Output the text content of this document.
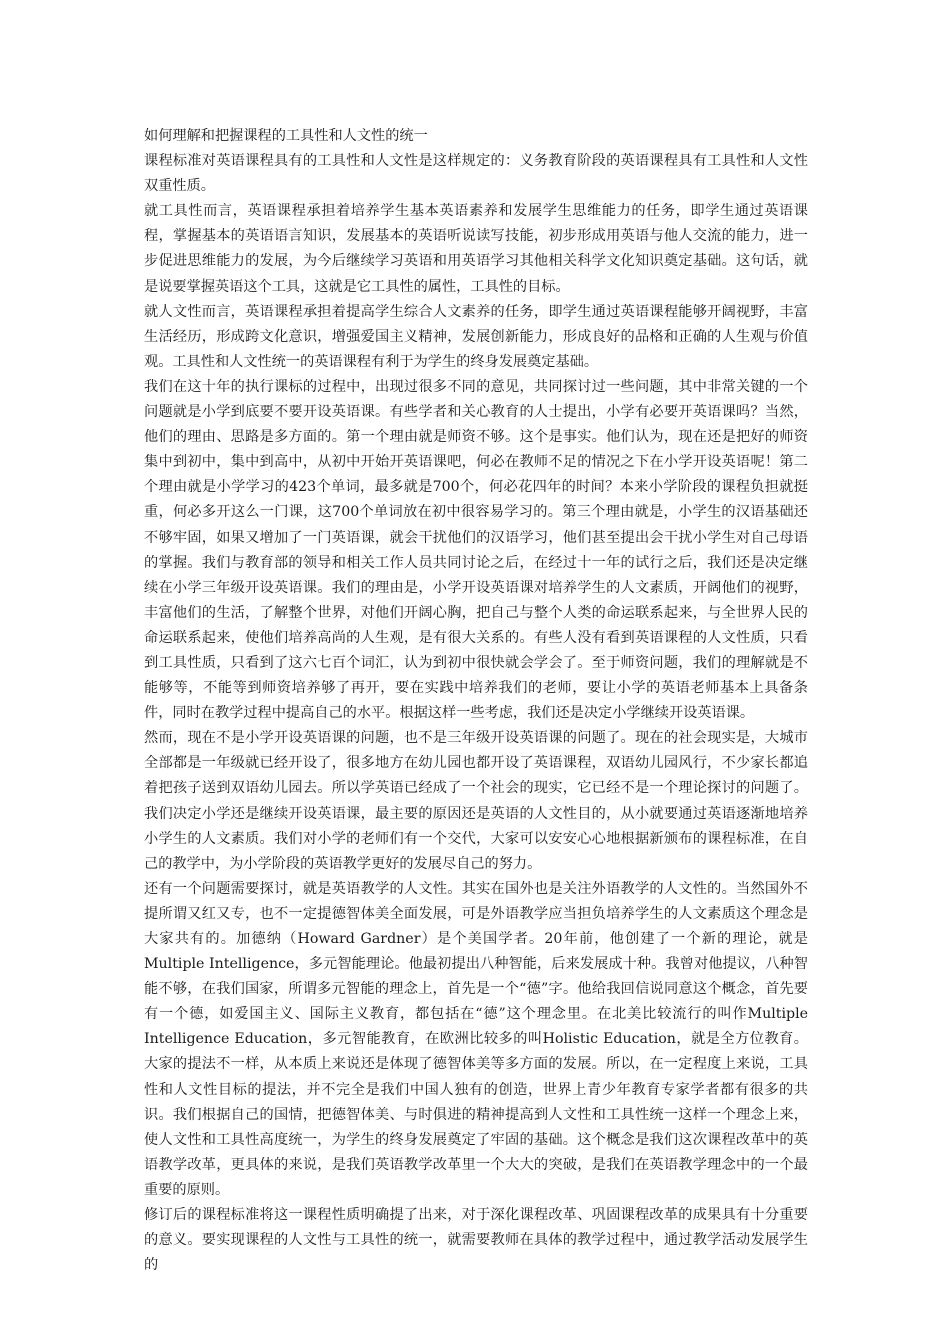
如何理解和把握课程的工具性和人文性的统一

课程标准对英语课程具有的工具性和人文性是这样规定的：义务教育阶段的英语课程具有工具性和人文性双重性质。

就工具性而言，英语课程承担着培养学生基本英语素养和发展学生思维能力的任务，即学生通过英语课程，掌握基本的英语语言知识，发展基本的英语听说读写技能，初步形成用英语与他人交流的能力，进一步促进思维能力的发展，为今后继续学习英语和用英语学习其他相关科学文化知识奠定基础。这句话，就是说要掌握英语这个工具，这就是它工具性的属性，工具性的目标。

就人文性而言，英语课程承担着提高学生综合人文素养的任务，即学生通过英语课程能够开阔视野，丰富生活经历，形成跨文化意识，增强爱国主义精神，发展创新能力，形成良好的品格和正确的人生观与价值观。工具性和人文性统一的英语课程有利于为学生的终身发展奠定基础。

我们在这十年的执行课标的过程中，出现过很多不同的意见，共同探讨过一些问题，其中非常关键的一个问题就是小学到底要不要开设英语课。有些学者和关心教育的人士提出，小学有必要开英语课吗？当然，他们的理由、思路是多方面的。第一个理由就是师资不够。这个是事实。他们认为，现在还是把好的师资集中到初中，集中到高中，从初中开始开英语课吧，何必在教师不足的情况之下在小学开设英语呢！第二个理由就是小学学习的423个单词，最多就是700个，何必花四年的时间？本来小学阶段的课程负担就挺重，何必多开这么一门课，这700个单词放在初中很容易学习的。第三个理由就是，小学生的汉语基础还不够牢固，如果又增加了一门英语课，就会干扰他们的汉语学习，他们甚至提出会干扰小学生对自己母语的掌握。我们与教育部的领导和相关工作人员共同讨论之后，在经过十一年的试行之后，我们还是决定继续在小学三年级开设英语课。我们的理由是，小学开设英语课对培养学生的人文素质，开阔他们的视野，丰富他们的生活，了解整个世界，对他们开阔心胸，把自己与整个人类的命运联系起来，与全世界人民的命运联系起来，使他们培养高尚的人生观，是有很大关系的。有些人没有看到英语课程的人文性质，只看到工具性质，只看到了这六七百个词汇，认为到初中很快就会学会了。至于师资问题，我们的理解就是不能够等，不能等到师资培养够了再开，要在实践中培养我们的老师，要让小学的英语老师基本上具备条件，同时在教学过程中提高自己的水平。根据这样一些考虑，我们还是决定小学继续开设英语课。

然而，现在不是小学开设英语课的问题，也不是三年级开设英语课的问题了。现在的社会现实是，大城市全部都是一年级就已经开设了，很多地方在幼儿园也都开设了英语课程，双语幼儿园风行，不少家长都追着把孩子送到双语幼儿园去。所以学英语已经成了一个社会的现实，它已经不是一个理论探讨的问题了。我们决定小学还是继续开设英语课，最主要的原因还是英语的人文性目的，从小就要通过英语逐渐地培养小学生的人文素质。我们对小学的老师们有一个交代，大家可以安安心心地根据新颁布的课程标准，在自己的教学中，为小学阶段的英语教学更好的发展尽自己的努力。

还有一个问题需要探讨，就是英语教学的人文性。其实在国外也是关注外语教学的人文性的。当然国外不提所谓又红又专，也不一定提德智体美全面发展，可是外语教学应当担负培养学生的人文素质这个理念是大家共有的。加德纳（Howard Gardner）是个美国学者。20年前，他创建了一个新的理论，就是Multiple Intelligence，多元智能理论。他最初提出八种智能，后来发展成十种。我曾对他提议，八种智能不够，在我们国家，所谓多元智能的理念上，首先是一个“德”字。他给我回信说同意这个概念，首先要有一个德，如爱国主义、国际主义教育，都包括在“德”这个理念里。在北美比较流行的叫作Multiple Intelligence Education，多元智能教育，在欧洲比较多的叫Holistic Education，就是全方位教育。大家的提法不一样，从本质上来说还是体现了德智体美等多方面的发展。所以，在一定程度上来说，工具性和人文性目标的提法，并不完全是我们中国人独有的创造，世界上青少年教育专家学者都有很多的共识。我们根据自己的国情，把德智体美、与时俱进的精神提高到人文性和工具性统一这样一个理念上来，使人文性和工具性高度统一，为学生的终身发展奠定了牢固的基础。这个概念是我们这次课程改革中的英语教学改革，更具体的来说，是我们英语教学改革里一个大大的突破，是我们在英语教学理念中的一个最重要的原则。

修订后的课程标准将这一课程性质明确提了出来，对于深化课程改革、巩固课程改革的成果具有十分重要的意义。要实现课程的人文性与工具性的统一，就需要教师在具体的教学过程中，通过教学活动发展学生的
